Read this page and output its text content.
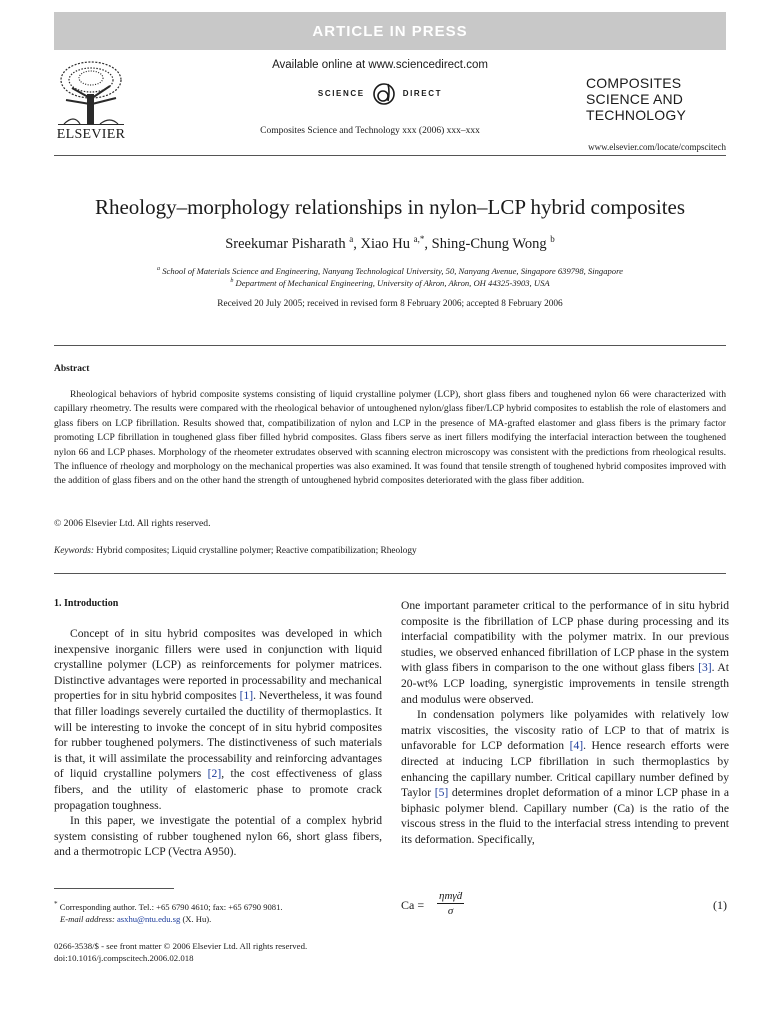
ARTICLE IN PRESS
ELSEVIER
Available online at www.sciencedirect.com
SCIENCE	DIRECT
Composites Science and Technology xxx (2006) xxx–xxx
COMPOSITES
SCIENCE AND
TECHNOLOGY
www.elsevier.com/locate/compscitech
Rheology–morphology relationships in nylon–LCP hybrid composites
Sreekumar Pisharath $^a$, Xiao Hu $^{a,*}$, Shing-Chung Wong $^b$
$^a$ School of Materials Science and Engineering, Nanyang Technological University, 50, Nanyang Avenue, Singapore 639798, Singapore
$^b$ Department of Mechanical Engineering, University of Akron, Akron, OH 44325-3903, USA
Received 20 July 2005; received in revised form 8 February 2006; accepted 8 February 2006
Abstract

Rheological behaviors of hybrid composite systems consisting of liquid crystalline polymer (LCP), short glass fibers and toughened nylon 66 were characterized with capillary rheometry. The results were compared with the rheological behavior of untoughened nylon/glass fiber/LCP hybrid composites to establish the role of elastomers and glass fibers on LCP fibrillation. Results showed that, compatibilization of nylon and LCP in the presence of MA-grafted elastomer and glass fibers is the primary factor promoting LCP fibrillation in toughened glass fiber filled hybrid composites. Glass fibers serve as inert fillers modifying the interfacial interaction between the toughened nylon 66 and LCP phases. Morphology of the rheometer extrudates observed with scanning electron microscopy was consistent with the predictions from rheological results. The influence of rheology and morphology on the mechanical properties was also examined. It was found that tensile strength of toughened hybrid composites improved with the addition of glass fibers and on the other hand the strength of untoughened hybrid composites deteriorated with the glass fiber addition.

© 2006 Elsevier Ltd. All rights reserved.
Keywords: Hybrid composites; Liquid crystalline polymer; Reactive compatibilization; Rheology
1. Introduction

Concept of in situ hybrid composites was developed in which inexpensive inorganic fillers were used in conjunction with liquid crystalline polymer (LCP) as reinforcements for polymer matrices. Distinctive advantages were reported in processability and mechanical properties for in situ hybrid composites [1]. Nevertheless, it was found that filler loadings severely curtailed the ductility of thermoplastics. It will be interesting to invoke the concept of in situ hybrid composites for rubber toughened polymers. The distinctiveness of such materials is that, it will assimilate the processability and reinforcing advantages of liquid crystalline polymers [2], the cost effectiveness of glass fibers, and the utility of elastomeric phase to promote crack propagation toughness.

In this paper, we investigate the potential of a complex hybrid system consisting of rubber toughened nylon 66, short glass fibers, and a thermotropic LCP (Vectra A950).

One important parameter critical to the performance of in situ hybrid composite is the fibrillation of LCP phase during processing and its interfacial compatibility with the polymer matrix. In our previous studies, we observed enhanced fibrillation of LCP phase in the system with glass fibers in comparison to the one without glass fibers [3]. At 20-wt% LCP loading, synergistic improvements in tensile strength and modulus were observed.

In condensation polymers like polyamides with relatively low matrix viscosities, the viscosity ratio of LCP to that of matrix is unfavorable for LCP deformation [4]. Hence research efforts were directed at inducing LCP fibrillation in such thermoplastics by enhancing the capillary number. Critical capillary number defined by Taylor [5] determines droplet deformation of a minor LCP phase in a biphasic polymer blend. Capillary number (Ca) is the ratio of the viscous stress in the fluid to the interfacial stress intending to prevent its deformation. Specifically,

Ca =
ηmγ̇d
σ	(1)
* Corresponding author. Tel.: +65 6790 4610; fax: +65 6790 9081.
E-mail address: asxhu@ntu.edu.sg (X. Hu).
0266-3538/$ - see front matter © 2006 Elsevier Ltd. All rights reserved.
doi:10.1016/j.compscitech.2006.02.018
